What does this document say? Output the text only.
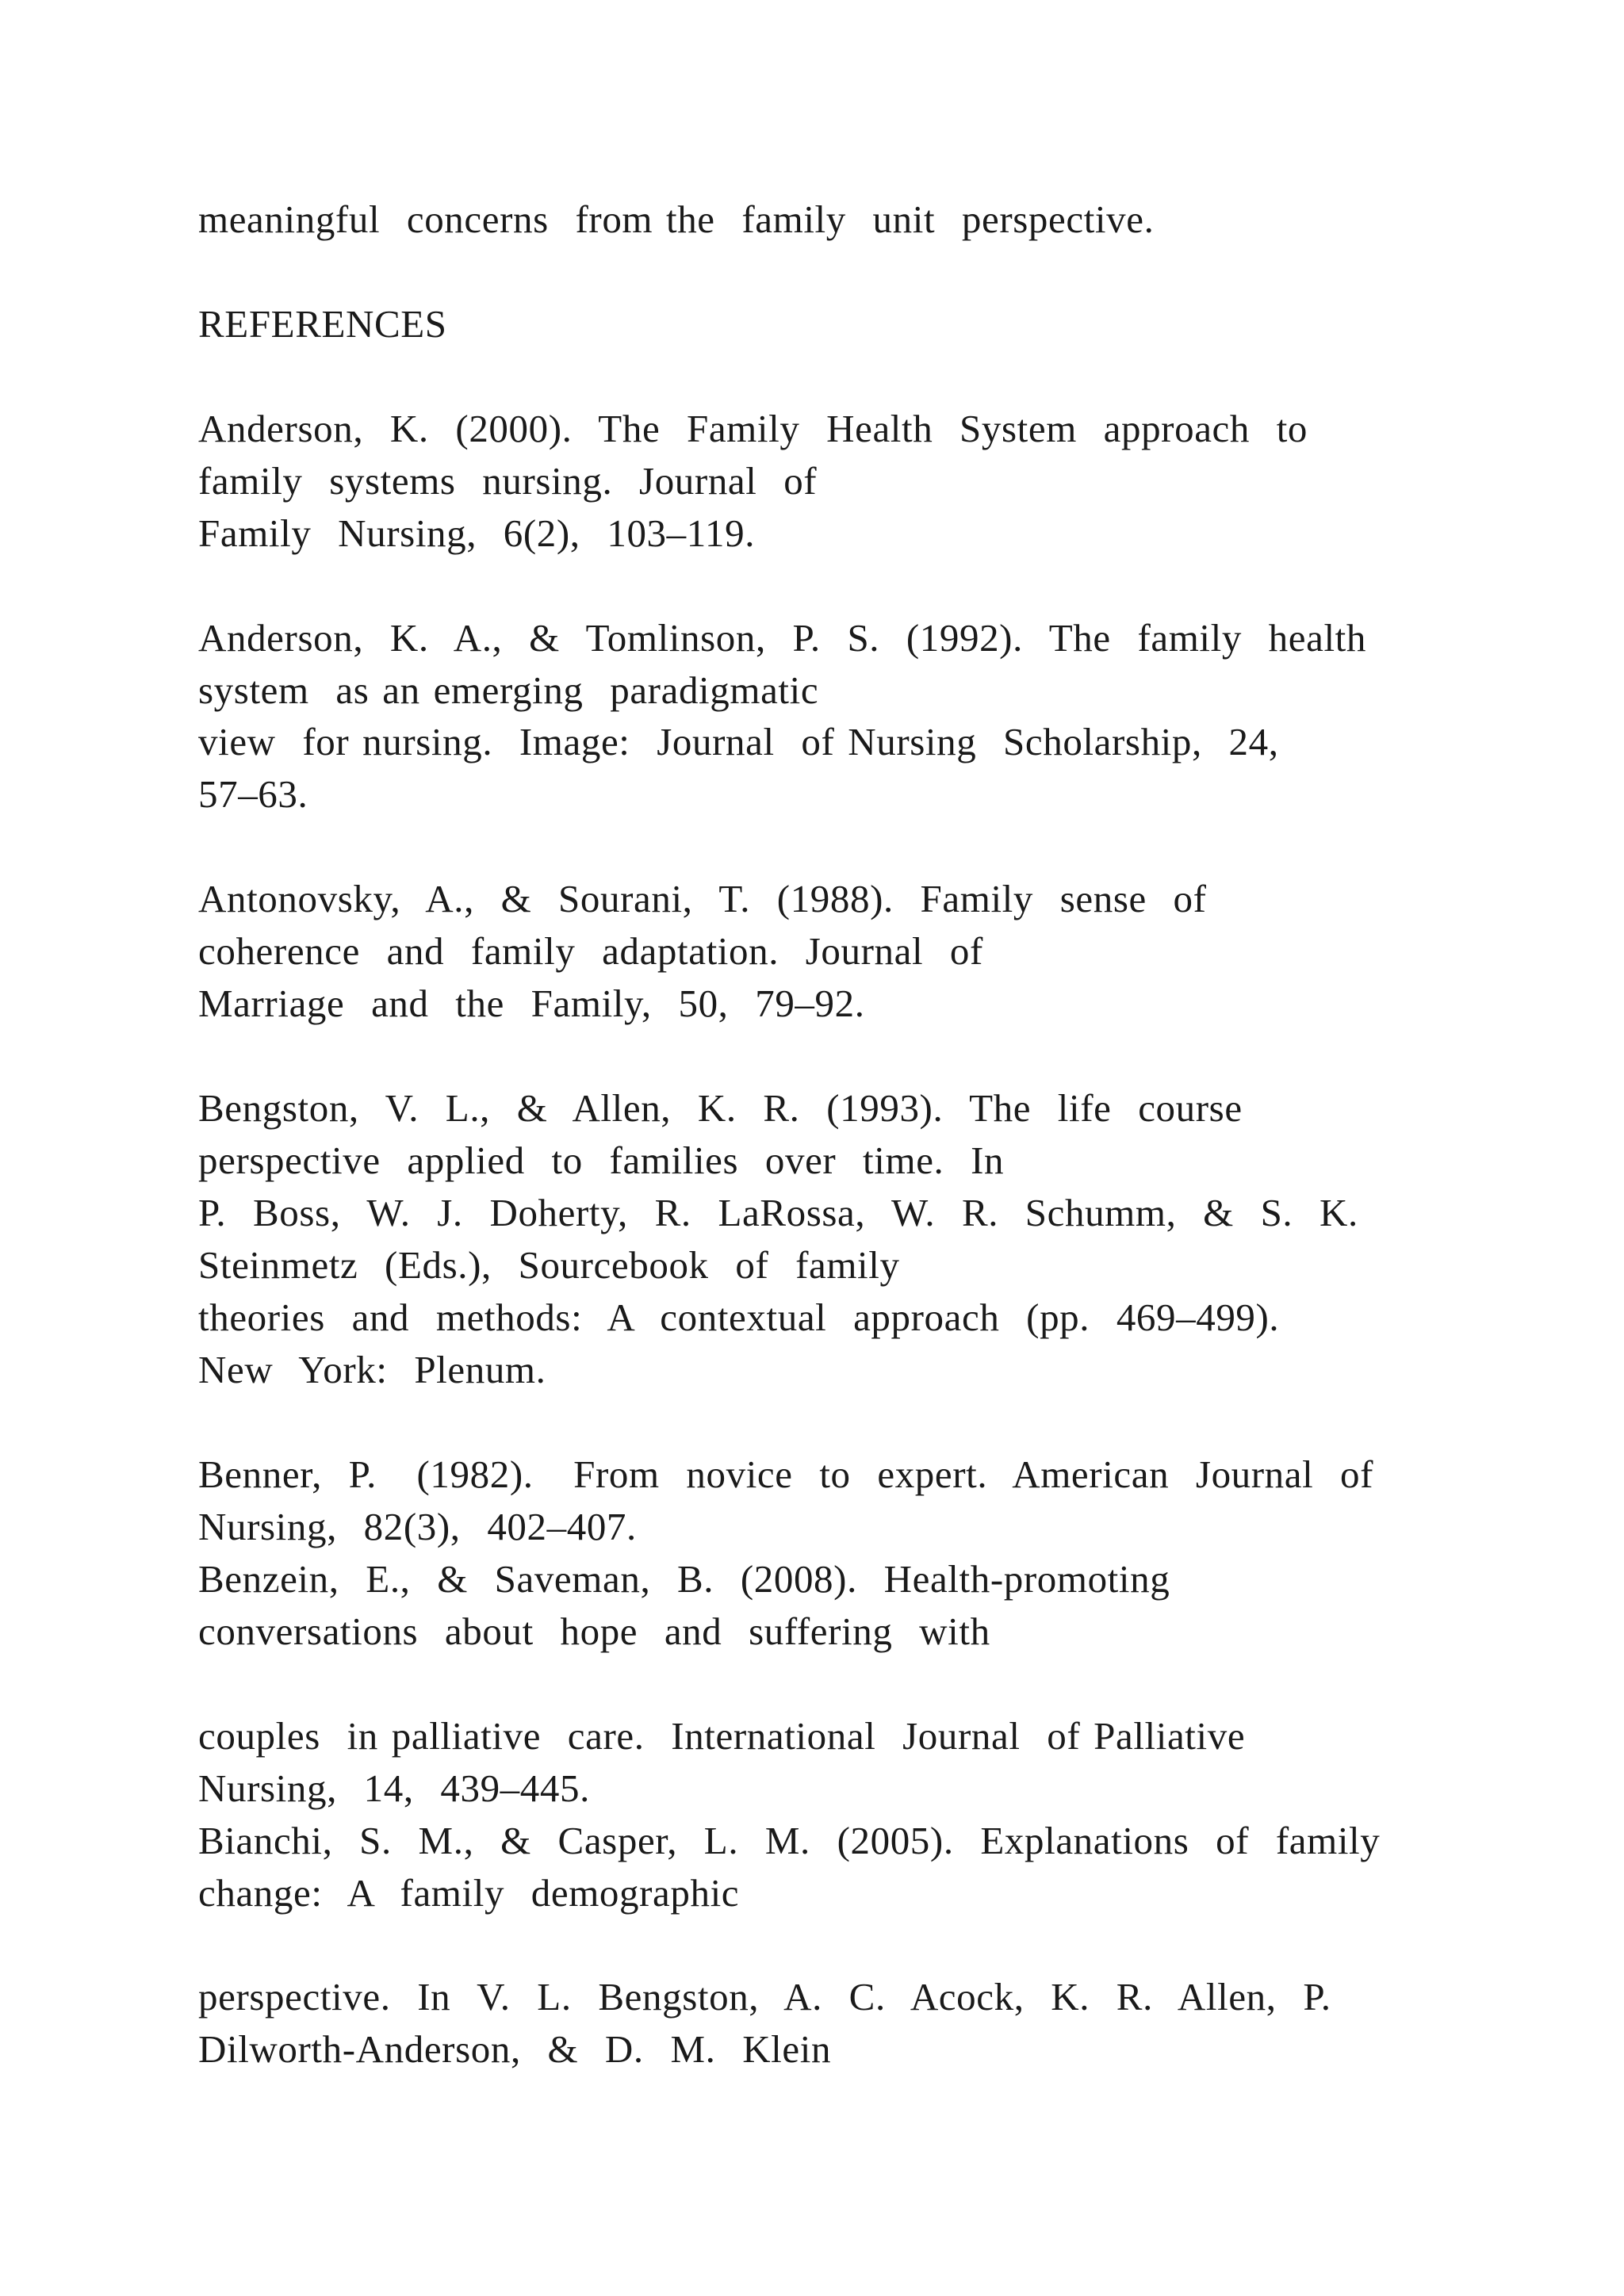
meaningful  concerns  from the  family  unit  perspective.
REFERENCES
Anderson,  K.  (2000).  The  Family  Health  System  approach  to
family  systems  nursing.  Journal  of
Family  Nursing,  6(2),  103–119.
Anderson,  K.  A.,  &  Tomlinson,  P.  S.  (1992).  The  family  health
system  as an emerging  paradigmatic
view  for nursing.  Image:  Journal  of Nursing  Scholarship,  24,
57–63.
Antonovsky,  A.,  &  Sourani,  T.  (1988).  Family  sense  of
coherence  and  family  adaptation.  Journal  of
Marriage  and  the  Family,  50,  79–92.
Bengston,  V.  L.,  &  Allen,  K.  R.  (1993).  The  life  course
perspective  applied  to  families  over  time.  In
P.  Boss,  W.  J.  Doherty,  R.  LaRossa,  W.  R.  Schumm,  &  S.  K.
Steinmetz  (Eds.),  Sourcebook  of  family
theories  and  methods:  A  contextual  approach  (pp.  469–499).
New  York:  Plenum.
Benner,  P.   (1982).   From  novice  to  expert.  American  Journal  of
Nursing,  82(3),  402–407.
Benzein,  E.,  &  Saveman,  B.  (2008).  Health-promoting
conversations  about  hope  and  suffering  with
couples  in palliative  care.  International  Journal  of Palliative
Nursing,  14,  439–445.
Bianchi,  S.  M.,  &  Casper,  L.  M.  (2005).  Explanations  of  family
change:  A  family  demographic
perspective.  In  V.  L.  Bengston,  A.  C.  Acock,  K.  R.  Allen,  P.
Dilworth-Anderson,  &  D.  M.  Klein
